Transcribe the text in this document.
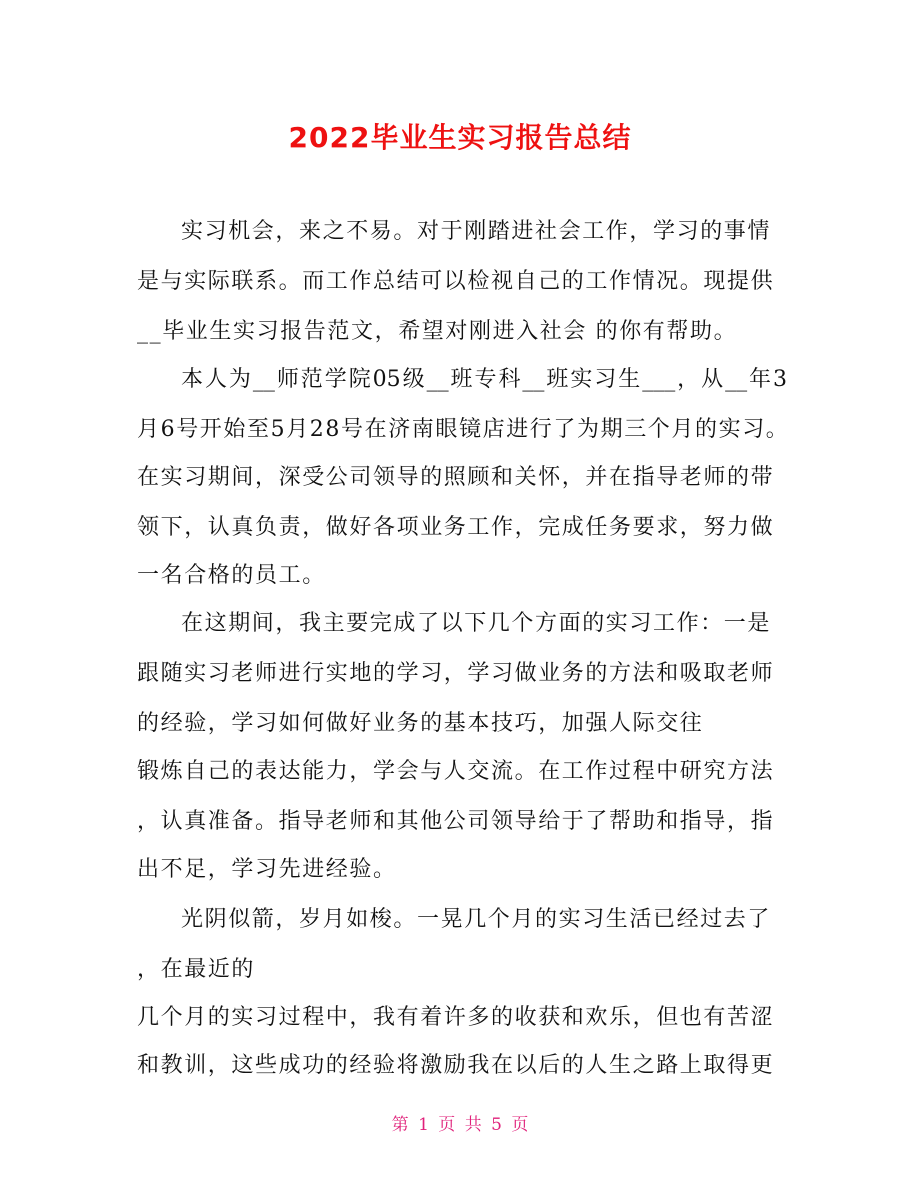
2022毕业生实习报告总结
实习机会，来之不易。对于刚踏进社会工作，学习的事情
是与实际联系。而工作总结可以检视自己的工作情况。现提供
__毕业生实习报告范文，希望对刚进入社会 的你有帮助。
本人为__师范学院05级__班专科__班实习生___，从__年3
月6号开始至5月28号在济南眼镜店进行了为期三个月的实习。
在实习期间，深受公司领导的照顾和关怀，并在指导老师的带
领下，认真负责，做好各项业务工作，完成任务要求，努力做
一名合格的员工。
在这期间，我主要完成了以下几个方面的实习工作：一是
跟随实习老师进行实地的学习，学习做业务的方法和吸取老师
的经验，学习如何做好业务的基本技巧，加强人际交往
锻炼自己的表达能力，学会与人交流。在工作过程中研究方法
，认真准备。指导老师和其他公司领导给于了帮助和指导，指
出不足，学习先进经验。
光阴似箭，岁月如梭。一晃几个月的实习生活已经过去了
，在最近的
几个月的实习过程中，我有着许多的收获和欢乐，但也有苦涩
和教训，这些成功的经验将激励我在以后的人生之路上取得更
第 1 页 共 5 页
